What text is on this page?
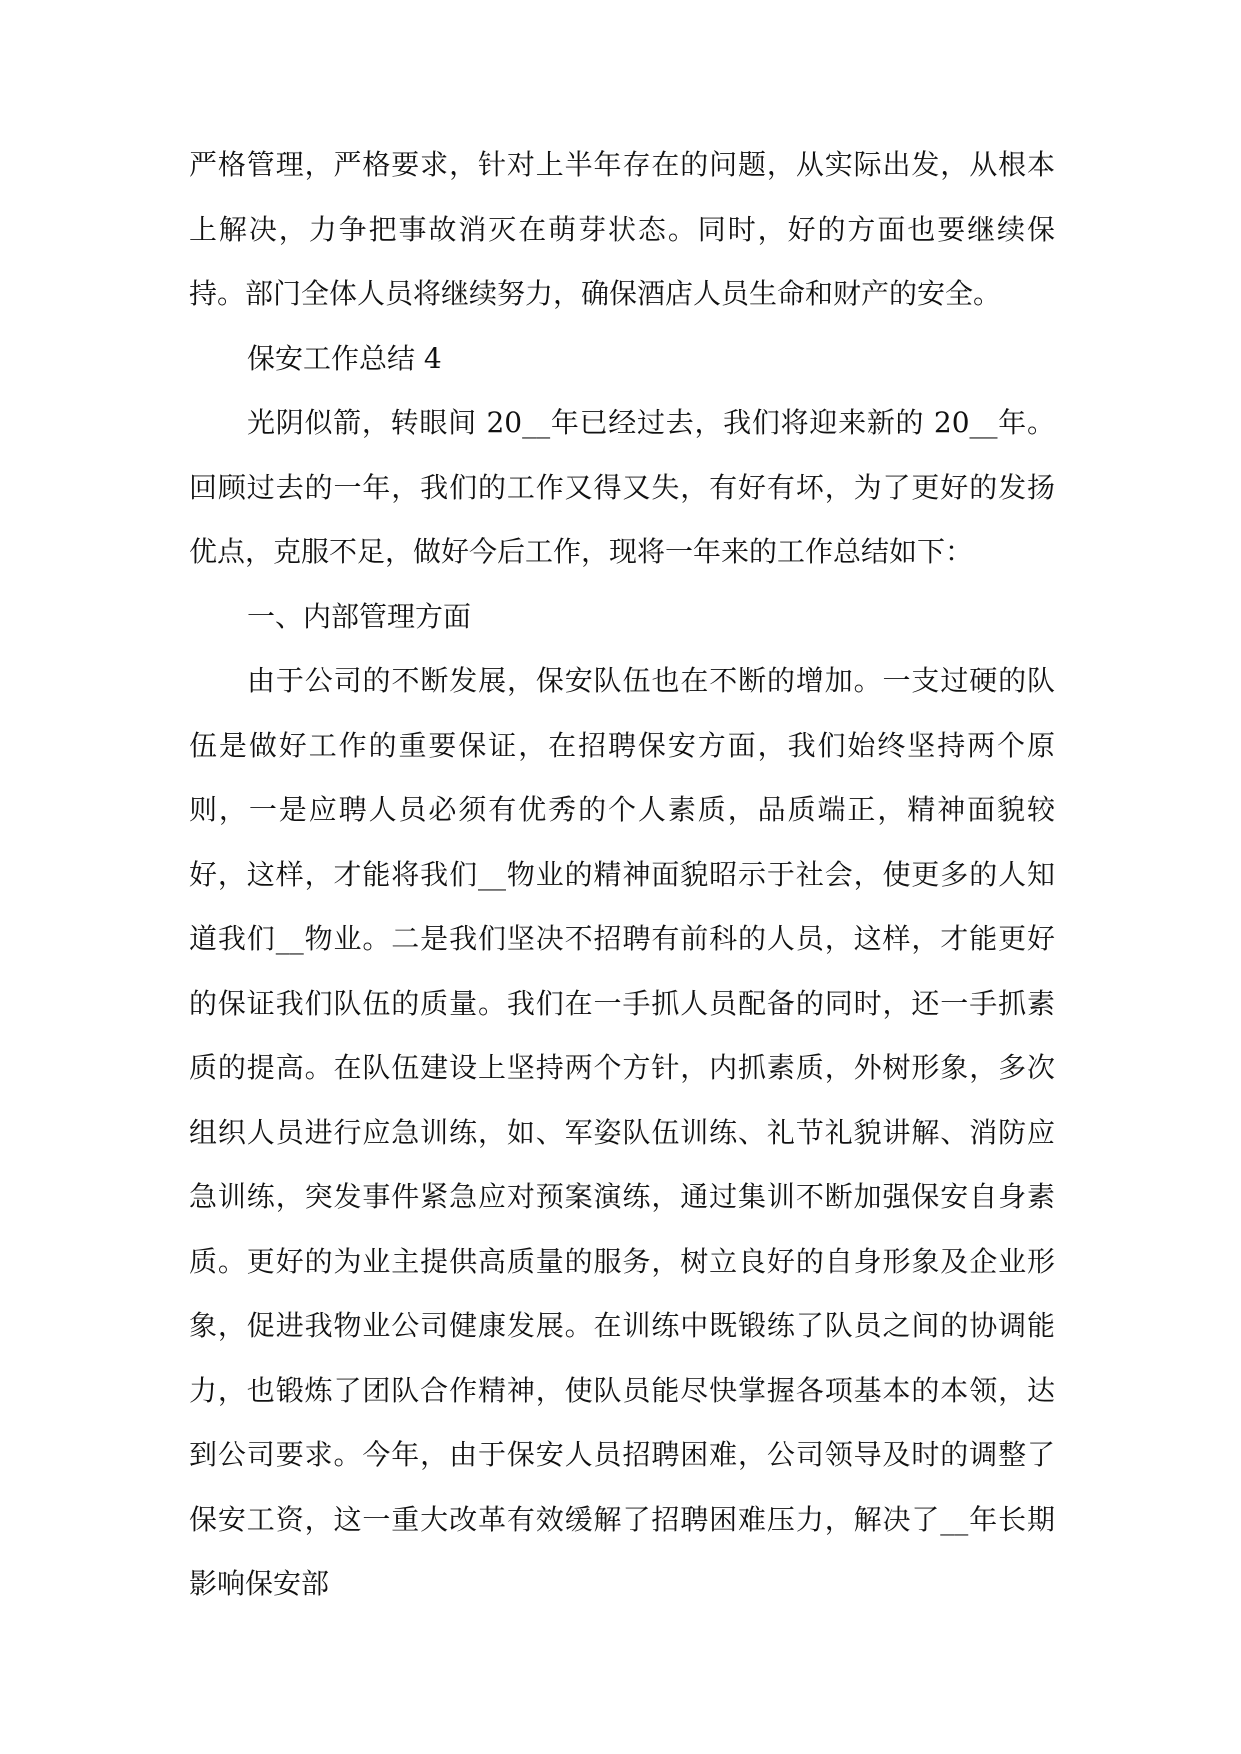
严格管理，严格要求，针对上半年存在的问题，从实际出发，从根本上解决，力争把事故消灭在萌芽状态。同时，好的方面也要继续保持。部门全体人员将继续努力，确保酒店人员生命和财产的安全。

保安工作总结 4

光阴似箭，转眼间 20__年已经过去，我们将迎来新的 20__年。回顾过去的一年，我们的工作又得又失，有好有坏，为了更好的发扬优点，克服不足，做好今后工作，现将一年来的工作总结如下：

一、内部管理方面

由于公司的不断发展，保安队伍也在不断的增加。一支过硬的队伍是做好工作的重要保证，在招聘保安方面，我们始终坚持两个原则，一是应聘人员必须有优秀的个人素质，品质端正，精神面貌较好，这样，才能将我们__物业的精神面貌昭示于社会，使更多的人知道我们__物业。二是我们坚决不招聘有前科的人员，这样，才能更好的保证我们队伍的质量。我们在一手抓人员配备的同时，还一手抓素质的提高。在队伍建设上坚持两个方针，内抓素质，外树形象，多次组织人员进行应急训练，如、军姿队伍训练、礼节礼貌讲解、消防应急训练，突发事件紧急应对预案演练，通过集训不断加强保安自身素质。更好的为业主提供高质量的服务，树立良好的自身形象及企业形象，促进我物业公司健康发展。在训练中既锻练了队员之间的协调能力，也锻炼了团队合作精神，使队员能尽快掌握各项基本的本领，达到公司要求。今年，由于保安人员招聘困难，公司领导及时的调整了保安工资，这一重大改革有效缓解了招聘困难压力，解决了__年长期影响保安部
